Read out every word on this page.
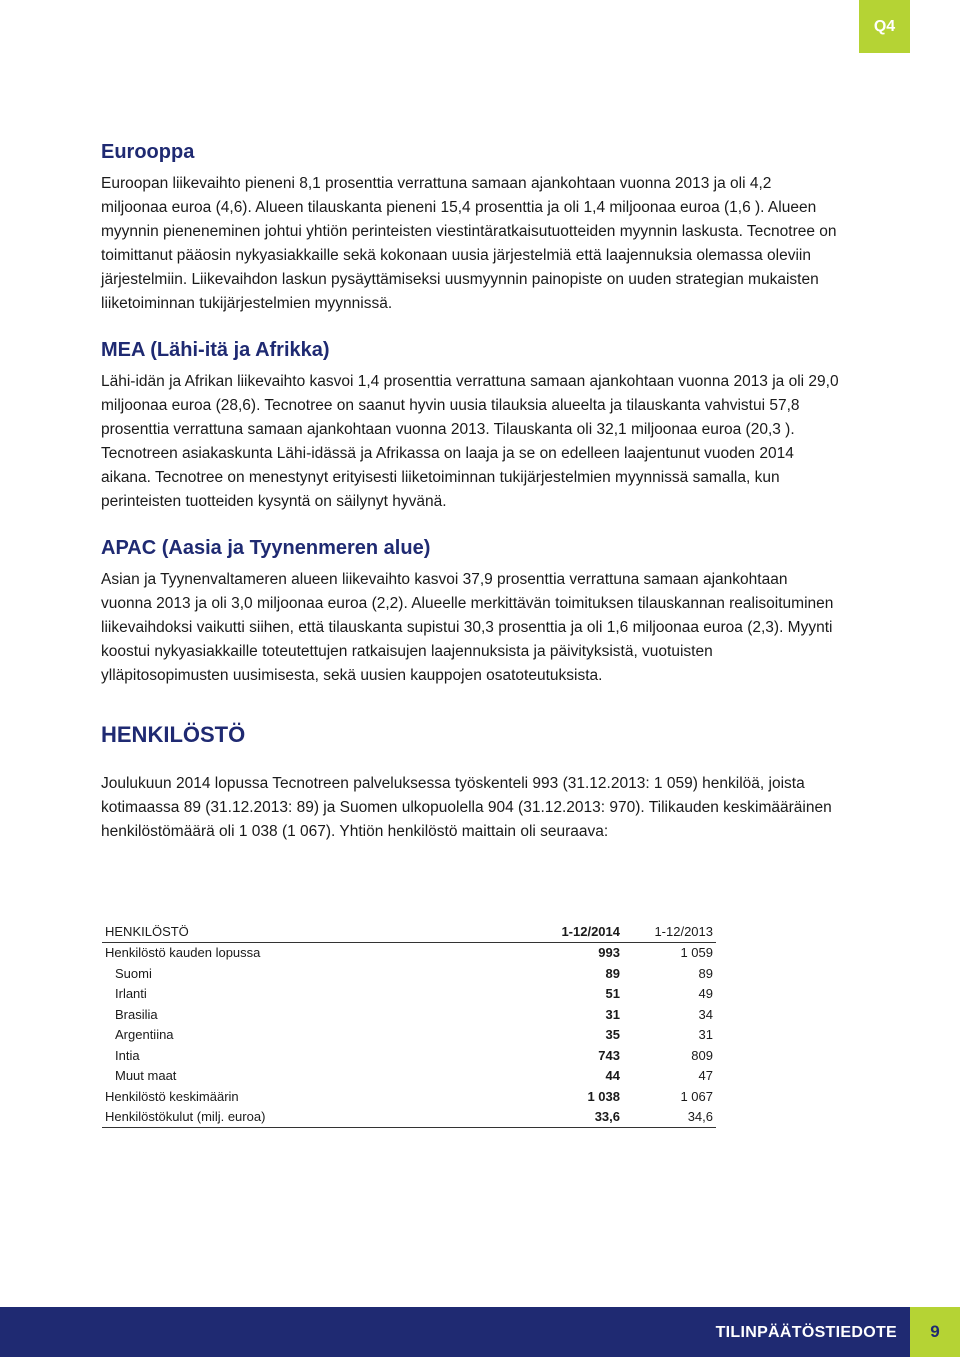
Q4
Eurooppa

Euroopan liikevaihto pieneni 8,1 prosenttia verrattuna samaan ajankohtaan vuonna 2013 ja oli 4,2 miljoonaa euroa (4,6). Alueen tilauskanta pieneni 15,4 prosenttia ja oli 1,4 miljoonaa euroa (1,6 ). Alueen myynnin pieneneminen johtui yhtiön perinteisten viestintäratkaisutuotteiden myynnin laskusta. Tecnotree on toimittanut pääosin nykyasiakkaille sekä kokonaan uusia järjestelmiä että laajennuksia olemassa oleviin järjestelmiin. Liikevaihdon laskun pysäyttämiseksi uusmyynnin painopiste on uuden strategian mukaisten liiketoiminnan tukijärjestelmien myynnissä.

MEA (Lähi-itä ja Afrikka)

Lähi-idän ja Afrikan liikevaihto kasvoi 1,4 prosenttia verrattuna samaan ajankohtaan vuonna 2013 ja oli 29,0 miljoonaa euroa (28,6). Tecnotree on saanut hyvin uusia tilauksia alueelta ja tilauskanta vahvistui 57,8 prosenttia verrattuna samaan ajankohtaan vuonna 2013. Tilauskanta oli 32,1 miljoonaa euroa (20,3 ). Tecnotreen asiakaskunta Lähi-idässä ja Afrikassa on laaja ja se on edelleen laajentunut vuoden 2014 aikana. Tecnotree on menestynyt erityisesti liiketoiminnan tukijärjestelmien myynnissä samalla, kun perinteisten tuotteiden kysyntä on säilynyt hyvänä.

APAC (Aasia ja Tyynenmeren alue)

Asian ja Tyynenvaltameren alueen liikevaihto kasvoi 37,9 prosenttia verrattuna samaan ajankohtaan vuonna 2013 ja oli 3,0 miljoonaa euroa (2,2). Alueelle merkittävän toimituksen tilauskannan realisoituminen liikevaihdoksi vaikutti siihen, että tilauskanta supistui 30,3 prosenttia ja oli 1,6 miljoonaa euroa (2,3). Myynti koostui nykyasiakkaille toteutettujen ratkaisujen laajennuksista ja päivityksistä, vuotuisten ylläpitosopimusten uusimisesta, sekä uusien kauppojen osatoteutuksista.

HENKILÖSTÖ

Joulukuun 2014 lopussa Tecnotreen palveluksessa työskenteli 993 (31.12.2013: 1 059) henkilöä, joista kotimaassa 89 (31.12.2013: 89) ja Suomen ulkopuolella 904 (31.12.2013: 970). Tilikauden keskimääräinen henkilöstömäärä oli 1 038 (1 067). Yhtiön henkilöstö maittain oli seuraava:

HENKILÖSTÖ	1-12/2014	1-12/2013
Henkilöstö kauden lopussa	993	1 059
Suomi	89	89
Irlanti	51	49
Brasilia	31	34
Argentiina	35	31
Intia	743	809
Muut maat	44	47
Henkilöstö keskimäärin	1 038	1 067
Henkilöstökulut (milj. euroa)	33,6	34,6
TILINPÄÄTÖSTIEDOTE	9
